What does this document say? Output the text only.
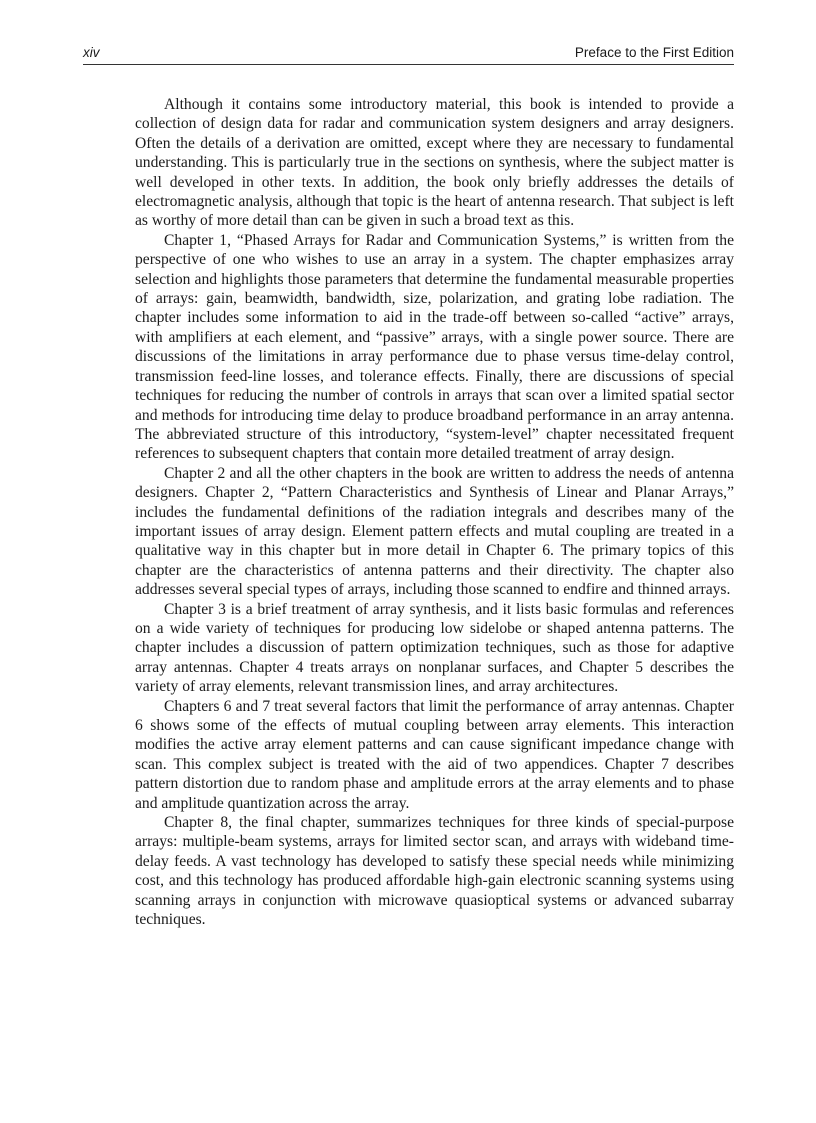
xiv	Preface to the First Edition

Although it contains some introductory material, this book is intended to provide a collection of design data for radar and communication system designers and array designers. Often the details of a derivation are omitted, except where they are necessary to fundamental understanding. This is particularly true in the sections on synthesis, where the subject matter is well developed in other texts. In addition, the book only briefly addresses the details of electromagnetic analysis, although that topic is the heart of antenna research. That subject is left as worthy of more detail than can be given in such a broad text as this.

Chapter 1, “Phased Arrays for Radar and Communication Systems,” is written from the perspective of one who wishes to use an array in a system. The chapter emphasizes array selection and highlights those parameters that determine the fundamental measurable properties of arrays: gain, beamwidth, bandwidth, size, polarization, and grating lobe radiation. The chapter includes some information to aid in the trade-off between so-called “active” arrays, with amplifiers at each element, and “passive” arrays, with a single power source. There are discussions of the limitations in array performance due to phase versus time-delay control, transmission feed-line losses, and tolerance effects. Finally, there are discussions of special techniques for reducing the number of controls in arrays that scan over a limited spatial sector and methods for introducing time delay to produce broadband performance in an array antenna. The abbreviated structure of this introductory, “system-level” chapter necessitated frequent references to subsequent chapters that contain more detailed treatment of array design.

Chapter 2 and all the other chapters in the book are written to address the needs of antenna designers. Chapter 2, “Pattern Characteristics and Synthesis of Linear and Planar Arrays,” includes the fundamental definitions of the radiation integrals and describes many of the important issues of array design. Element pattern effects and mutal coupling are treated in a qualitative way in this chapter but in more detail in Chapter 6. The primary topics of this chapter are the characteristics of antenna patterns and their directivity. The chapter also addresses several special types of arrays, including those scanned to endfire and thinned arrays.

Chapter 3 is a brief treatment of array synthesis, and it lists basic formulas and references on a wide variety of techniques for producing low sidelobe or shaped antenna patterns. The chapter includes a discussion of pattern optimization techniques, such as those for adaptive array antennas. Chapter 4 treats arrays on nonplanar surfaces, and Chapter 5 describes the variety of array elements, relevant transmission lines, and array architectures.

Chapters 6 and 7 treat several factors that limit the performance of array antennas. Chapter 6 shows some of the effects of mutual coupling between array elements. This interaction modifies the active array element patterns and can cause significant impedance change with scan. This complex subject is treated with the aid of two appendices. Chapter 7 describes pattern distortion due to random phase and amplitude errors at the array elements and to phase and amplitude quantization across the array.

Chapter 8, the final chapter, summarizes techniques for three kinds of special-purpose arrays: multiple-beam systems, arrays for limited sector scan, and arrays with wideband time-delay feeds. A vast technology has developed to satisfy these special needs while minimizing cost, and this technology has produced affordable high-gain electronic scanning systems using scanning arrays in conjunction with microwave quasioptical systems or advanced subarray techniques.
